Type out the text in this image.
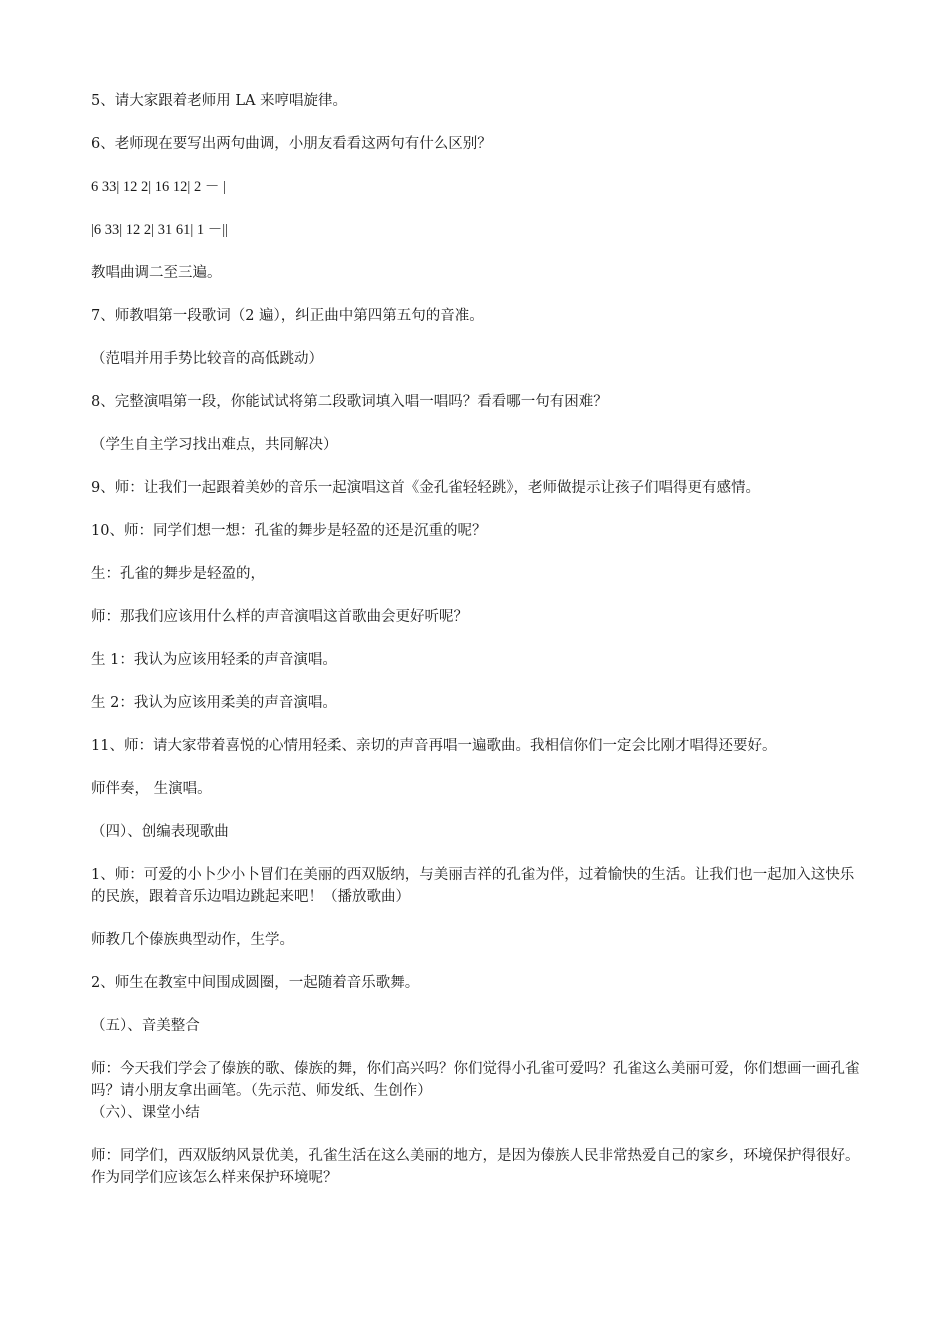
5、请大家跟着老师用 LA 来哼唱旋律。

6、老师现在要写出两句曲调，小朋友看看这两句有什么区别？

6 33| 12 2| 16 12| 2 － |

|6 33| 12 2| 31 61| 1 －||

教唱曲调二至三遍。

7、师教唱第一段歌词（2 遍），纠正曲中第四第五句的音准。

（范唱并用手势比较音的高低跳动）

8、完整演唱第一段，你能试试将第二段歌词填入唱一唱吗？看看哪一句有困难？

（学生自主学习找出难点，共同解决）

9、师：让我们一起跟着美妙的音乐一起演唱这首《金孔雀轻轻跳》，老师做提示让孩子们唱得更有感情。

10、师：同学们想一想：孔雀的舞步是轻盈的还是沉重的呢？

生：孔雀的舞步是轻盈的，

师：那我们应该用什么样的声音演唱这首歌曲会更好听呢？

生 1：我认为应该用轻柔的声音演唱。

生 2：我认为应该用柔美的声音演唱。

11、师：请大家带着喜悦的心情用轻柔、亲切的声音再唱一遍歌曲。我相信你们一定会比刚才唱得还要好。

师伴奏， 生演唱。

（四）、创编表现歌曲

1、师：可爱的小卜少小卜冒们在美丽的西双版纳，与美丽吉祥的孔雀为伴，过着愉快的生活。让我们也一起加入这快乐的民族，跟着音乐边唱边跳起来吧！（播放歌曲）

师教几个傣族典型动作，生学。

2、师生在教室中间围成圆圈，一起随着音乐歌舞。

（五）、音美整合

师：今天我们学会了傣族的歌、傣族的舞，你们高兴吗？你们觉得小孔雀可爱吗？孔雀这么美丽可爱，你们想画一画孔雀吗？请小朋友拿出画笔。（先示范、师发纸、生创作）

（六）、课堂小结

师：同学们，西双版纳风景优美，孔雀生活在这么美丽的地方，是因为傣族人民非常热爱自己的家乡，环境保护得很好。作为同学们应该怎么样来保护环境呢？
